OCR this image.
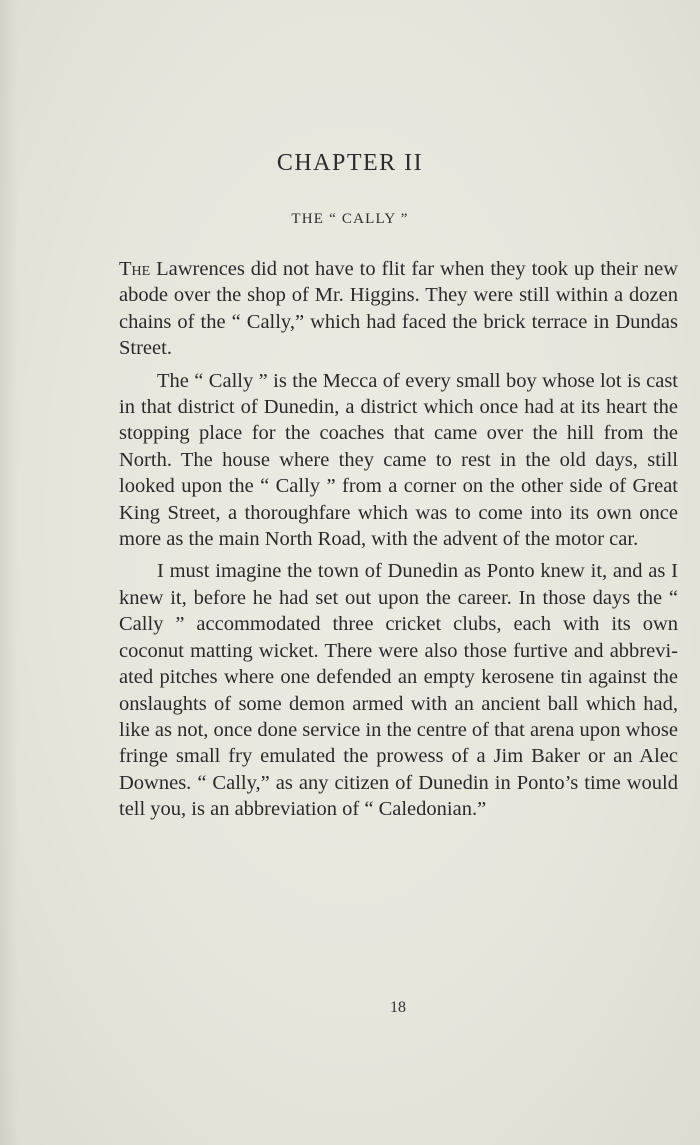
CHAPTER II
THE “ CALLY ”

The Lawrences did not have to flit far when they took up their new abode over the shop of Mr. Higgins. They were still within a dozen chains of the “ Cally,” which had faced the brick terrace in Dundas Street.

The “ Cally ” is the Mecca of every small boy whose lot is cast in that district of Dunedin, a district which once had at its heart the stopping place for the coaches that came over the hill from the North. The house where they came to rest in the old days, still looked upon the “ Cally ” from a corner on the other side of Great King Street, a thoroughfare which was to come into its own once more as the main North Road, with the advent of the motor car.

I must imagine the town of Dunedin as Ponto knew it, and as I knew it, before he had set out upon the career. In those days the “ Cally ” accommodated three cricket clubs, each with its own coconut matting wicket. There were also those furtive and abbreviated pitches where one defended an empty kerosene tin against the onslaughts of some demon armed with an ancient ball which had, like as not, once done service in the centre of that arena upon whose fringe small fry emulated the prowess of a Jim Baker or an Alec Downes. “ Cally,” as any citizen of Dunedin in Ponto’s time would tell you, is an abbreviation of “ Caledonian.”

18
